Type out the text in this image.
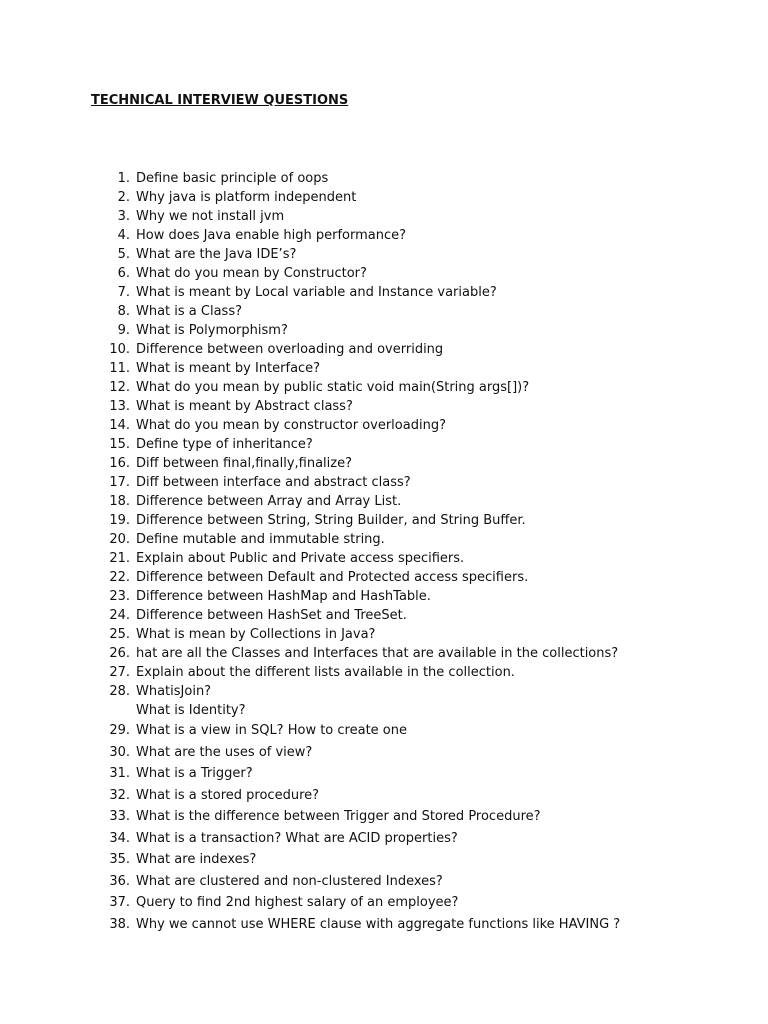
TECHNICAL INTERVIEW QUESTIONS
1. Define basic principle of oops
2. Why java is platform independent
3. Why we not install jvm
4. How does Java enable high performance?
5. What are the Java IDE’s?
6. What do you mean by Constructor?
7. What is meant by Local variable and Instance variable?
8. What is a Class?
9. What is Polymorphism?
10. Difference between overloading and overriding
11. What is meant by Interface?
12. What do you mean by public static void main(String args[])?
13. What is meant by Abstract class?
14. What do you mean by constructor overloading?
15. Define type of inheritance?
16. Diff between final,finally,finalize?
17. Diff between interface and abstract class?
18. Difference between Array and Array List.
19. Difference between String, String Builder, and String Buffer.
20. Define mutable and immutable string.
21. Explain about Public and Private access specifiers.
22. Difference between Default and Protected access specifiers.
23. Difference between HashMap and HashTable.
24. Difference between HashSet and TreeSet.
25. What is mean by Collections in Java?
26. hat are all the Classes and Interfaces that are available in the collections?
27. Explain about the different lists available in the collection.
28. WhatisJoin?
What is Identity?
29. What is a view in SQL? How to create one
30. What are the uses of view?
31. What is a Trigger?
32. What is a stored procedure?
33. What is the difference between Trigger and Stored Procedure?
34. What is a transaction? What are ACID properties?
35. What are indexes?
36. What are clustered and non-clustered Indexes?
37. Query to find 2nd highest salary of an employee?
38. Why we cannot use WHERE clause with aggregate functions like HAVING ?
